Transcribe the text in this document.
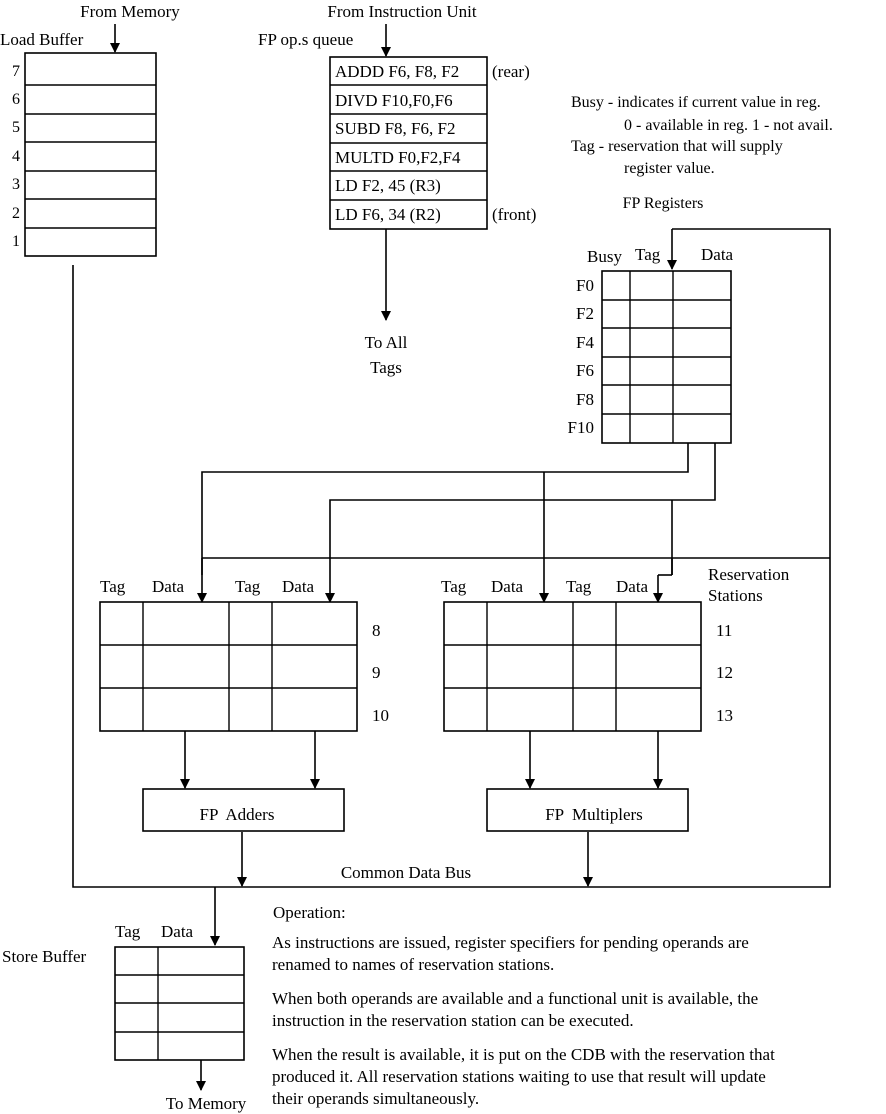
From Memory
Load Buffer
7
6
5
4
3
2
1
From Instruction Unit
FP op.s queue
ADDD F6, F8, F2
DIVD F10,F0,F6
SUBD F8, F6, F2
MULTD F0,F2,F4
LD F2, 45 (R3)
LD F6, 34 (R2)
(rear)
(front)
To All
Tags
Busy - indicates if current value in reg.
0 - available in reg. 1 - not avail.
Tag - reservation that will supply
register value.
FP Registers
Busy Tag Data
F0
F2
F4
F6
F8
F10
Tag Data	Tag Data
8
9
10
Tag Data	Tag Data
11
12
13
Reservation
Stations
FP  Adders	FP  Multiplers
Common Data Bus
Tag Data
Store Buffer
To Memory
Operation:
As instructions are issued, register specifiers for pending operands are
renamed to names of reservation stations.
When both operands are available and a functional unit is available, the
instruction in the reservation station can be executed.
When the result is available, it is put on the CDB with the reservation that
produced it. All reservation stations waiting to use that result will update
their operands simultaneously.
